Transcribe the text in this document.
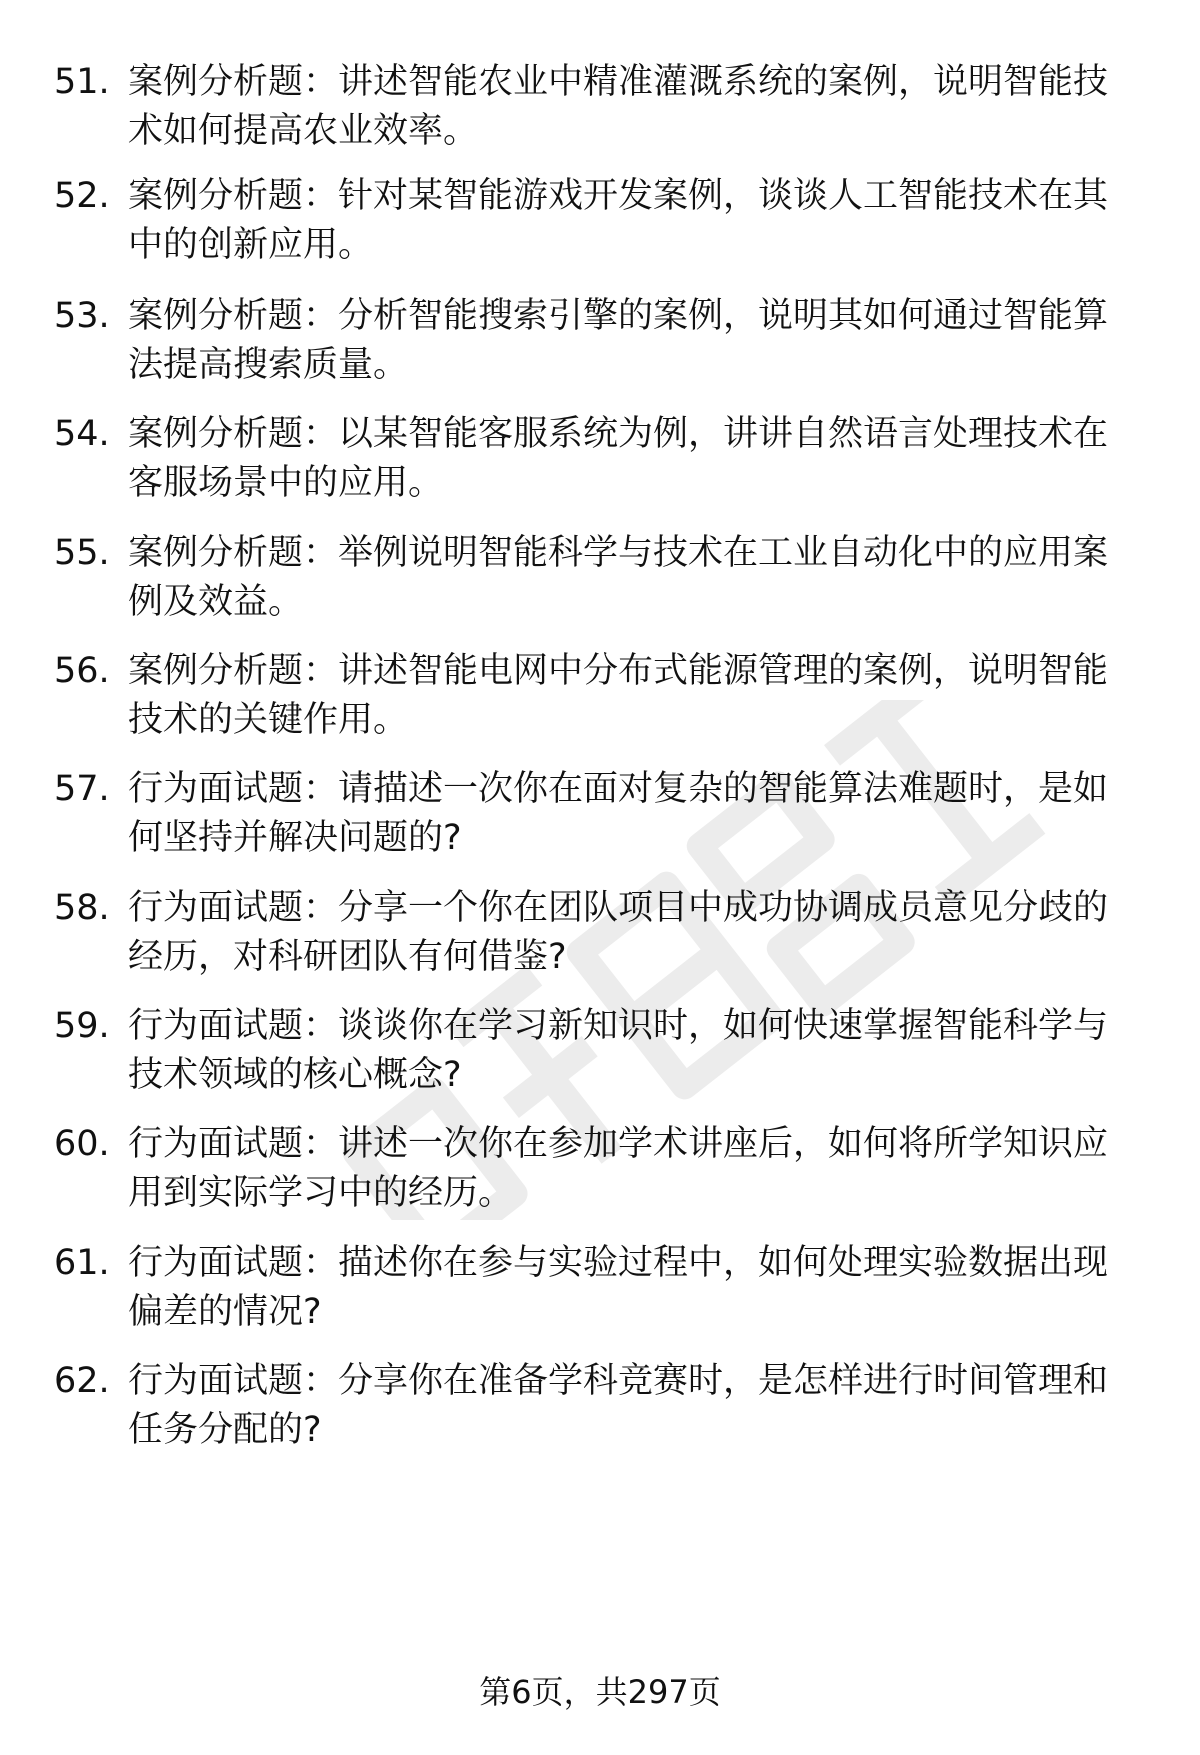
51. 案例分析题：讲述智能农业中精准灌溉系统的案例，说明智能技术如何提高农业效率。
52. 案例分析题：针对某智能游戏开发案例，谈谈人工智能技术在其中的创新应用。
53. 案例分析题：分析智能搜索引擎的案例，说明其如何通过智能算法提高搜索质量。
54. 案例分析题：以某智能客服系统为例，讲讲自然语言处理技术在客服场景中的应用。
55. 案例分析题：举例说明智能科学与技术在工业自动化中的应用案例及效益。
56. 案例分析题：讲述智能电网中分布式能源管理的案例，说明智能技术的关键作用。
57. 行为面试题：请描述一次你在面对复杂的智能算法难题时，是如何坚持并解决问题的?
58. 行为面试题：分享一个你在团队项目中成功协调成员意见分歧的经历，对科研团队有何借鉴?
59. 行为面试题：谈谈你在学习新知识时，如何快速掌握智能科学与技术领域的核心概念?
60. 行为面试题：讲述一次你在参加学术讲座后，如何将所学知识应用到实际学习中的经历。
61. 行为面试题：描述你在参与实验过程中，如何处理实验数据出现偏差的情况?
62. 行为面试题：分享你在准备学科竞赛时，是怎样进行时间管理和任务分配的?
第6页，共297页
